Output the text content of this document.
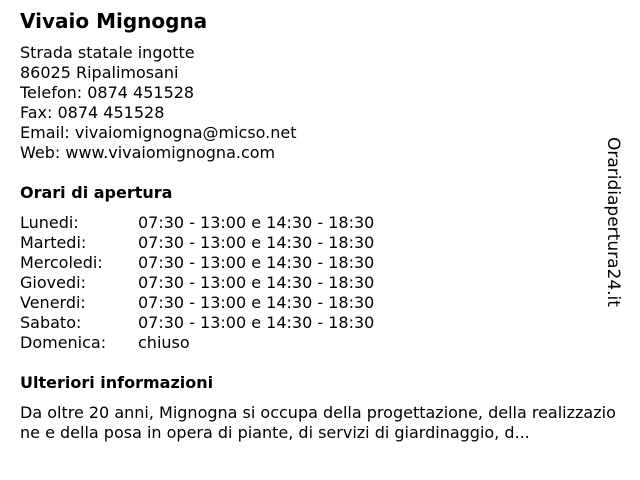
Vivaio Mignogna
Strada statale ingotte
86025 Ripalimosani
Telefon: 0874 451528
Fax: 0874 451528
Email: vivaiomignogna@micso.net
Web: www.vivaiomignogna.com
Orari di apertura
Lunedi:	07:30 - 13:00 e 14:30 - 18:30
Martedi:	07:30 - 13:00 e 14:30 - 18:30
Mercoledi: 07:30 - 13:00 e 14:30 - 18:30
Giovedi:	07:30 - 13:00 e 14:30 - 18:30
Venerdi:	07:30 - 13:00 e 14:30 - 18:30
Sabato:	07:30 - 13:00 e 14:30 - 18:30
Domenica: chiuso
Ulteriori informazioni
Da oltre 20 anni, Mignogna si occupa della progettazione, della realizzazione e della posa in opera di piante, di servizi di giardinaggio, d...
Oraridiapertura24.it
